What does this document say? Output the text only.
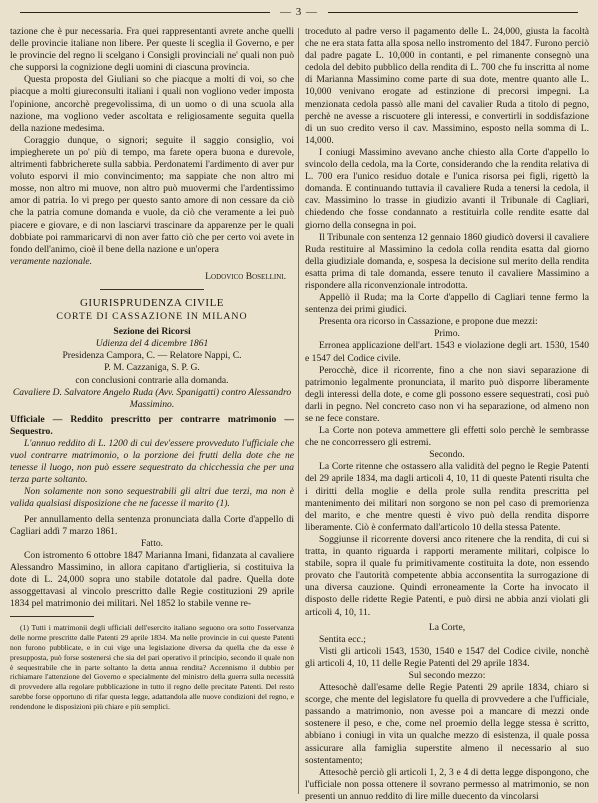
— 3 —

tazione che è pur necessaria. Fra quei rappresentanti avrete anche quelli delle provincie italiane non libere. Per queste li sceglia il Governo, e per le provincie del regno li scelgano i Consigli provinciali ne' quali non può che supporsi la cognizione degli uomini di ciascuna provincia.

Questa proposta del Giuliani so che piacque a molti di voi, so che piacque a molti giureconsulti italiani i quali non vogliono veder imposta l'opinione, ancorchè pregevolissima, di un uomo o di una scuola alla nazione, ma vogliono veder ascoltata e religiosamente seguita quella della nazione medesima.

Coraggio dunque, o signori; seguite il saggio consiglio, voi impiegherete un po' più di tempo, ma farete opera buona e durevole, altrimenti fabbricherete sulla sabbia. Perdonatemi l'ardimento di aver pur voluto esporvi il mio convincimento; ma sappiate che non altro mi mosse, non altro mi muove, non altro può muovermi che l'ardentissimo amor di patria. Io vi prego per questo santo amore di non cessare da ciò che la patria comune domanda e vuole, da ciò che veramente a lei può piacere e giovare, e di non lasciarvi trascinare da apparenze per le quali dobbiate poi rammaricarvi di non aver fatto ciò che per certo voi avete in fondo dell'animo, cioè il bene della nazione e un'opera

veramente nazionale.

Lodovico Bosellini.

GIURISPRUDENZA CIVILE

CORTE DI CASSAZIONE IN MILANO

Sezione dei Ricorsi

Udienza del 4 dicembre 1861

Presidenza Campora, C. — Relatore Nappi, C.

P. M. Cazzaniga, S. P. G.

con conclusioni contrarie alla domanda.

Cavaliere D. Salvatore Angelo Ruda (Avv. Spanigatti) contro Alessandro Massimino.

Ufficiale — Reddito prescritto per contrarre matrimonio — Sequestro.

L'annuo reddito di L. 1200 di cui dev'essere provveduto l'ufficiale che vuol contrarre matrimonio, o la porzione dei frutti della dote che ne tenesse il luogo, non può essere sequestrato da chicchessia che per una terza parte soltanto.

Non solamente non sono sequestrabili gli altri due terzi, ma non è valida qualsiasi disposizione che ne facesse il marito (1).

Per annullamento della sentenza pronunciata dalla Corte d'appello di Cagliari addì 7 marzo 1861.

Fatto.

Con istromento 6 ottobre 1847 Marianna Imani, fidanzata al cavaliere Alessandro Massimino, in allora capitano d'artiglieria, si costituiva la dote di L. 24,000 sopra uno stabile dotatole dal padre. Quella dote assoggettavasi al vincolo prescritto dalle Regie costituzioni 29 aprile 1834 pel matrimonio dei militari. Nel 1852 lo stabile venne re-

(1) Tutti i matrimonii degli ufficiali dell'esercito italiano seguono ora sotto l'osservanza delle norme prescritte dalle Patenti 29 aprile 1834. Ma nelle provincie in cui queste Patenti non furono pubblicate, e in cui vige una legislazione diversa da quella che da esse è presupposta, può forse sostenersi che sia del pari operativo il principio, secondo il quale non è sequestrabile che in parte soltanto la detta annua rendita? Accennismo il dubbio per richiamare l'attenzione del Governo e specialmente del ministro della guerra sulla necessità di provvedere alla regolare pubblicazione in tutto il regno delle precitate Patenti. Del resto sarebbe forse opportuno di rifar questa legge, adattandola alle nuove condizioni del regno, e rendendone le disposizioni più chiare e più semplici.

troceduto al padre verso il pagamento delle L. 24,000, giusta la facoltà che ne era stata fatta alla sposa nello instromento del 1847. Furono perciò dal padre pagate L. 10,000 in contanti, e pel rimanente consegnò una cedola del debito pubblico della rendita di L. 700 che fu inscritta al nome di Marianna Massimino come parte di sua dote, mentre quanto alle L. 10,000 venivano erogate ad estinzione di precorsi impegni. La menzionata cedola passò alle mani del cavalier Ruda a titolo di pegno, perchè ne avesse a riscuotere gli interessi, e convertirli in soddisfazione di un suo credito verso il cav. Massimino, esposto nella somma di L. 14,000.

I coniugi Massimino avevano anche chiesto alla Corte d'appello lo svincolo della cedola, ma la Corte, considerando che la rendita relativa di L. 700 era l'unico residuo dotale e l'unica risorsa pei figli, rigettò la domanda. E continuando tuttavia il cavaliere Ruda a tenersi la cedola, il cav. Massimino lo trasse in giudizio avanti il Tribunale di Cagliari, chiedendo che fosse condannato a restituirla colle rendite esatte dal giorno della consegna in poi.

Il Tribunale con sentenza 12 gennaio 1860 giudicò doversi il cavaliere Ruda restituire al Massimino la cedola colla rendita esatta dal giorno della giudiziale domanda, e, sospesa la decisione sul merito della rendita esatta prima di tale domanda, essere tenuto il cavaliere Massimino a rispondere alla riconvenzionale introdotta.

Appellò il Ruda; ma la Corte d'appello di Cagliari tenne fermo la sentenza dei primi giudici.

Presenta ora ricorso in Cassazione, e propone due mezzi:

Primo.

Erronea applicazione dell'art. 1543 e violazione degli art. 1530, 1540 e 1547 del Codice civile.

Perocchè, dice il ricorrente, fino a che non siavi separazione di patrimonio legalmente pronunciata, il marito può disporre liberamente degli interessi della dote, e come gli possono essere sequestrati, così può darli in pegno. Nel concreto caso non vi ha separazione, od almeno non se ne fece constare.

La Corte non poteva ammettere gli effetti solo perchè le sembrasse che ne concorressero gli estremi.

Secondo.

La Corte ritenne che ostassero alla validità del pegno le Regie Patenti del 29 aprile 1834, ma dagli articoli 4, 10, 11 di queste Patenti risulta che i diritti della moglie e della prole sulla rendita prescritta pel mantenimento dei militari non sorgono se non pel caso di premorienza del marito, e che mentre questi è vivo può della rendita disporre liberamente. Ciò è confermato dall'articolo 10 della stessa Patente.

Soggiunse il ricorrente doversi anco ritenere che la rendita, di cui si tratta, in quanto riguarda i rapporti meramente militari, colpisce lo stabile, sopra il quale fu primitivamente costituita la dote, non essendo provato che l'autorità competente abbia acconsentita la surrogazione di una diversa cauzione. Quindi erroneamente la Corte ha invocato il disposto delle ridette Regie Patenti, e può dirsi ne abbia anzi violati gli articoli 4, 10, 11.

La Corte,

Sentita ecc.;

Visti gli articoli 1543, 1530, 1540 e 1547 del Codice civile, nonchè gli articoli 4, 10, 11 delle Regie Patenti del 29 aprile 1834.

Sul secondo mezzo:

Attesochè dall'esame delle Regie Patenti 29 aprile 1834, chiaro si scorge, che mente del legislatore fu quella di provvedere a che l'ufficiale, passando a matrimonio, non avesse poi a mancare di mezzi onde sostenere il peso, e che, come nel proemio della legge stessa è scritto, abbiano i coniugi in vita un qualche mezzo di esistenza, il quale possa assicurare alla famiglia superstite almeno il necessario al suo sostentamento;

Attesochè perciò gli articoli 1, 2, 3 e 4 di detta legge dispongono, che l'ufficiale non possa ottenere il sovrano permesso al matrimonio, se non presenti un annuo reddito di lire mille duecento da vincolarsi
